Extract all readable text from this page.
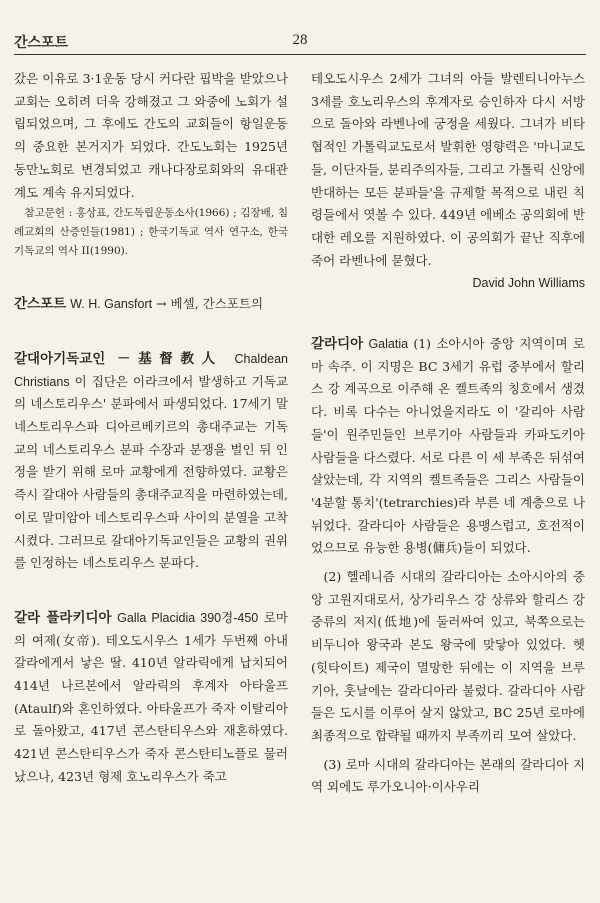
간스포트	28

갔은 이유로 3·1운동 당시 커다란 핍박을 받았으나 교회는 오히려 더욱 강해졌고 그 와중에 노회가 설립되었으며, 그 후에도 간도의 교회들이 항일운동의 중요한 본거지가 되었다. 간도노회는 1925년 동만노회로 변경되었고 캐나다장로회와의 유대관계도 계속 유지되었다.

참고문헌 : 홍상표, 간도독립운동소사(1966) ; 김장배, 침례교회의 산증인들(1981) ; 한국기독교 역사 연구소, 한국기독교의 역사 II(1990).

간스포트 W. H. Gansfort → 베셀, 간스포트의

갈대아기독교인 －基督教人 Chaldean Christians 이 집단은 이라크에서 발생하고 기독교의 네스토리우스' 분파에서 파생되었다. 17세기 말 네스토리우스파 디아르베키르의 총대주교는 기독교의 네스토리우스 분파 수장과 분쟁을 벌인 뒤 인정을 받기 위해 로마 교황에게 전향하였다. 교황은 즉시 갈대아 사람들의 총대주교직을 마련하였는데, 이로 말미암아 네스토리우스파 사이의 분열을 고착시켰다. 그러므로 갈대아기독교인들은 교황의 권위를 인정하는 네스토리우스 분파다.

갈라 플라키디아 Galla Placidia 390경-450 로마의 여제(女帝). 테오도시우스 1세가 두번째 아내 갈라에게서 낳은 딸. 410년 알라릭에게 납치되어 414년 나르본에서 알라릭의 후계자 아타울프(Ataulf)와 혼인하였다. 아타울프가 죽자 이탈리아로 돌아왔고, 417년 콘스탄티우스와 재혼하였다. 421년 콘스탄티우스가 죽자 콘스탄티노플로 물러났으나, 423년 형제 호노리우스가 죽고

테오도시우스 2세가 그녀의 아들 발렌티니아누스 3세를 호노리우스의 후계자로 승인하자 다시 서방으로 돌아와 라벤나에 궁정을 세웠다. 그녀가 비타협적인 가톨릭교도로서 발휘한 영향력은 '마니교도들, 이단자들, 분리주의자들, 그리고 가톨릭 신앙에 반대하는 모든 분파들'을 규제할 목적으로 내린 칙령들에서 엿볼 수 있다. 449년 에베소 공의회에 반대한 레오를 지원하였다. 이 공의회가 끝난 직후에 죽어 라벤나에 묻혔다.

David John Williams

갈라디아 Galatia (1) 소아시아 중앙 지역이며 로마 속주. 이 지명은 BC 3세기 유럽 중부에서 할리스 강 계곡으로 이주해 온 켈트족의 칭호에서 생겼다. 비록 다수는 아니었을지라도 이 '갈리아 사람들'이 원주민들인 브루기아 사람들과 카파도키아 사람들을 다스렸다. 서로 다른 이 세 부족은 뒤섞여 살았는데, 각 지역의 켈트족들은 그리스 사람들이 '4분할 통치'(tetrarchies)라 부른 네 계층으로 나뉘었다. 갈라디아 사람들은 용맹스럽고, 호전적이었으므로 유능한 용병(傭兵)들이 되었다.

(2) 헬레니즘 시대의 갈라디아는 소아시아의 중앙 고원지대로서, 상가리우스 강 상류와 할리스 강 중류의 저지(低地)에 둘러싸여 있고, 북쪽으로는 비두니아 왕국과 본도 왕국에 맞닿아 있었다. 헷(힛타이트) 제국이 멸망한 뒤에는 이 지역을 브루기아, 훗날에는 갈라디아라 불렀다. 갈라디아 사람들은 도시를 이루어 살지 않았고, BC 25년 로마에 최종적으로 합략될 때까지 부족끼리 모여 살았다.

(3) 로마 시대의 갈라디아는 본래의 갈라디아 지역 외에도 루가오니아·이사우리
